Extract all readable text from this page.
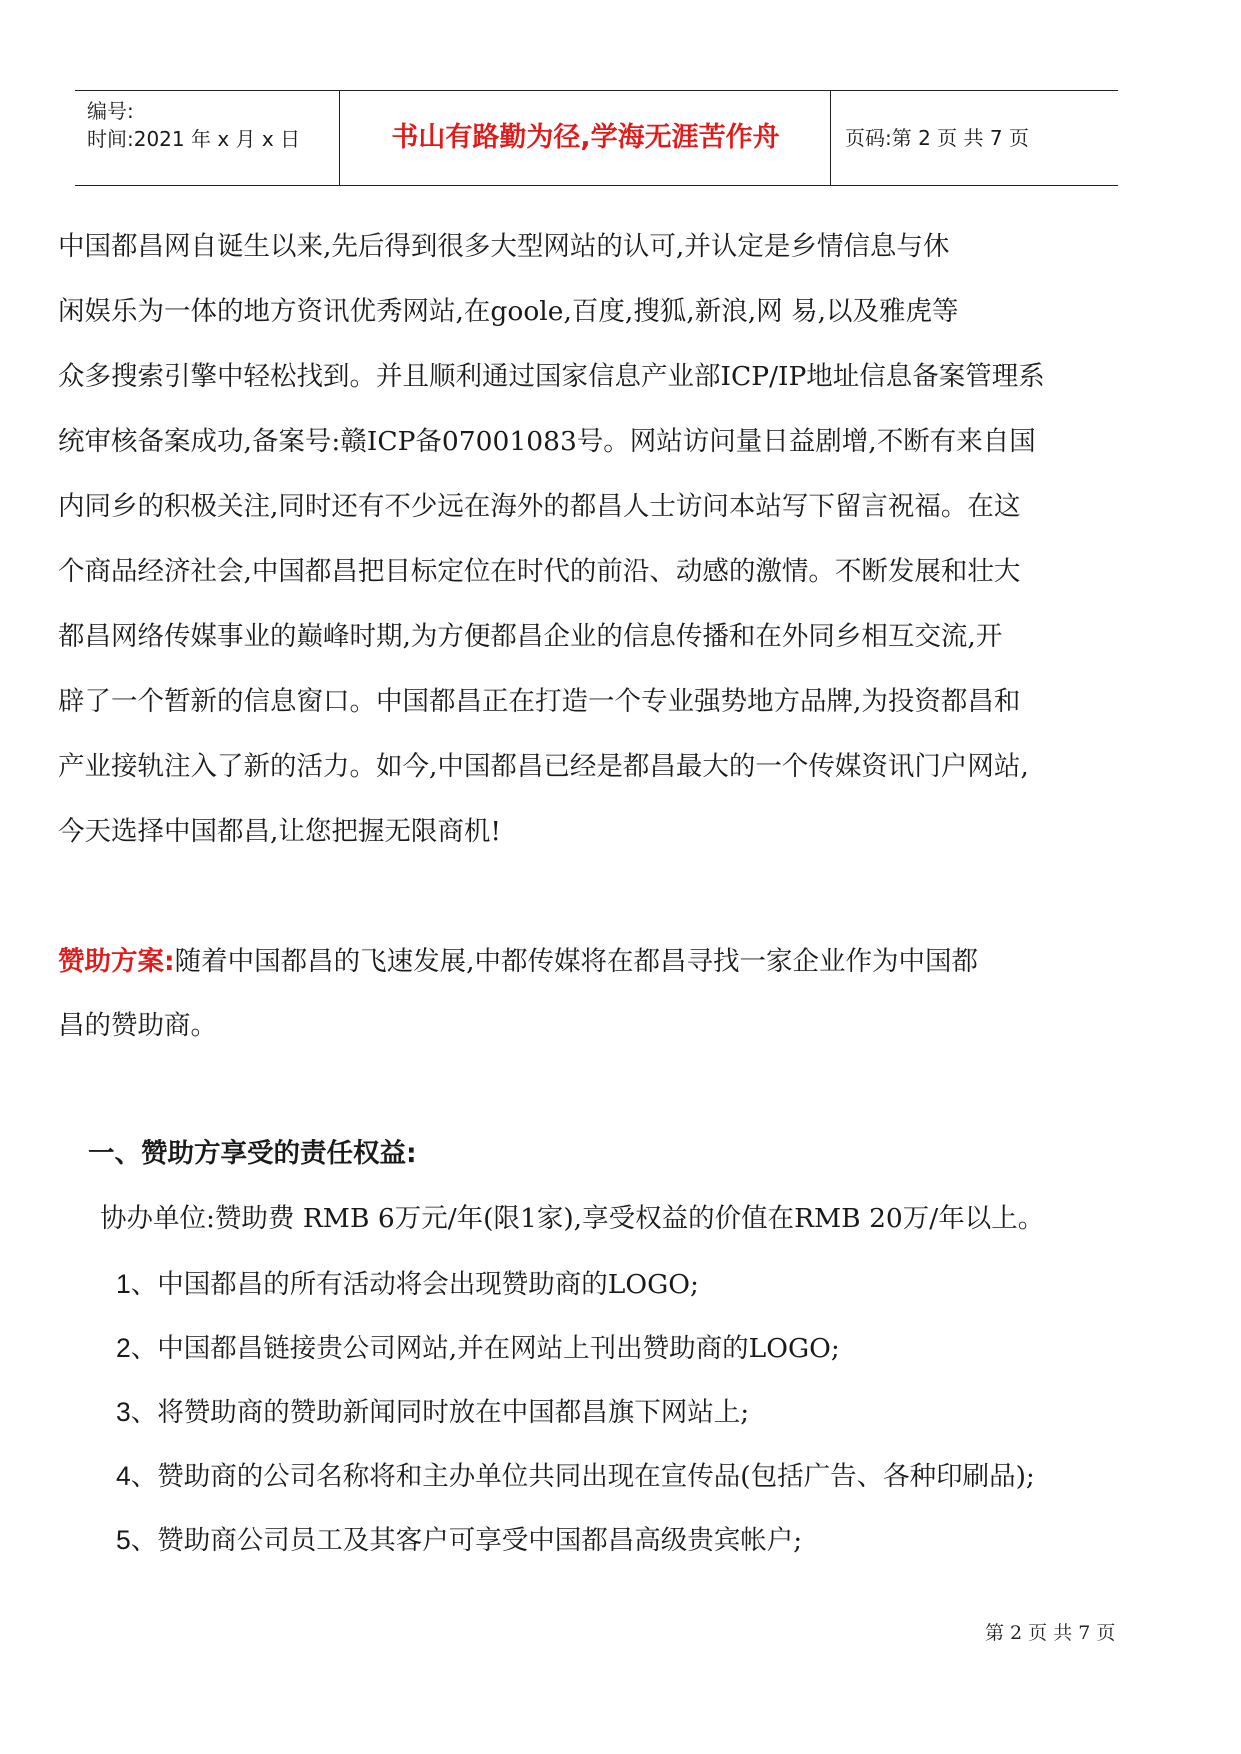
编号:
时间:2021 年 x 月 x 日	书山有路勤为径,学海无涯苦作舟	页码:第 2 页 共 7 页

中国都昌网自诞生以来,先后得到很多大型网站的认可,并认定是乡情信息与休
闲娱乐为一体的地方资讯优秀网站,在goole,百度,搜狐,新浪,网 易,以及雅虎等
众多搜索引擎中轻松找到。并且顺利通过国家信息产业部ICP/IP地址信息备案管理系
统审核备案成功,备案号:赣ICP备07001083号。网站访问量日益剧增,不断有来自国
内同乡的积极关注,同时还有不少远在海外的都昌人士访问本站写下留言祝福。在这
个商品经济社会,中国都昌把目标定位在时代的前沿、动感的激情。不断发展和壮大
都昌网络传媒事业的巅峰时期,为方便都昌企业的信息传播和在外同乡相互交流,开
辟了一个暂新的信息窗口。中国都昌正在打造一个专业强势地方品牌,为投资都昌和
产业接轨注入了新的活力。如今,中国都昌已经是都昌最大的一个传媒资讯门户网站,
今天选择中国都昌,让您把握无限商机!

赞助方案:随着中国都昌的飞速发展,中都传媒将在都昌寻找一家企业作为中国都
昌的赞助商。

一、赞助方享受的责任权益:

协办单位:赞助费 RMB 6万元/年(限1家),享受权益的价值在RMB 20万/年以上。

1、中国都昌的所有活动将会出现赞助商的LOGO;
2、中国都昌链接贵公司网站,并在网站上刊出赞助商的LOGO;
3、将赞助商的赞助新闻同时放在中国都昌旗下网站上;
4、赞助商的公司名称将和主办单位共同出现在宣传品(包括广告、各种印刷品);
5、赞助商公司员工及其客户可享受中国都昌高级贵宾帐户;
第 2 页 共 7 页
